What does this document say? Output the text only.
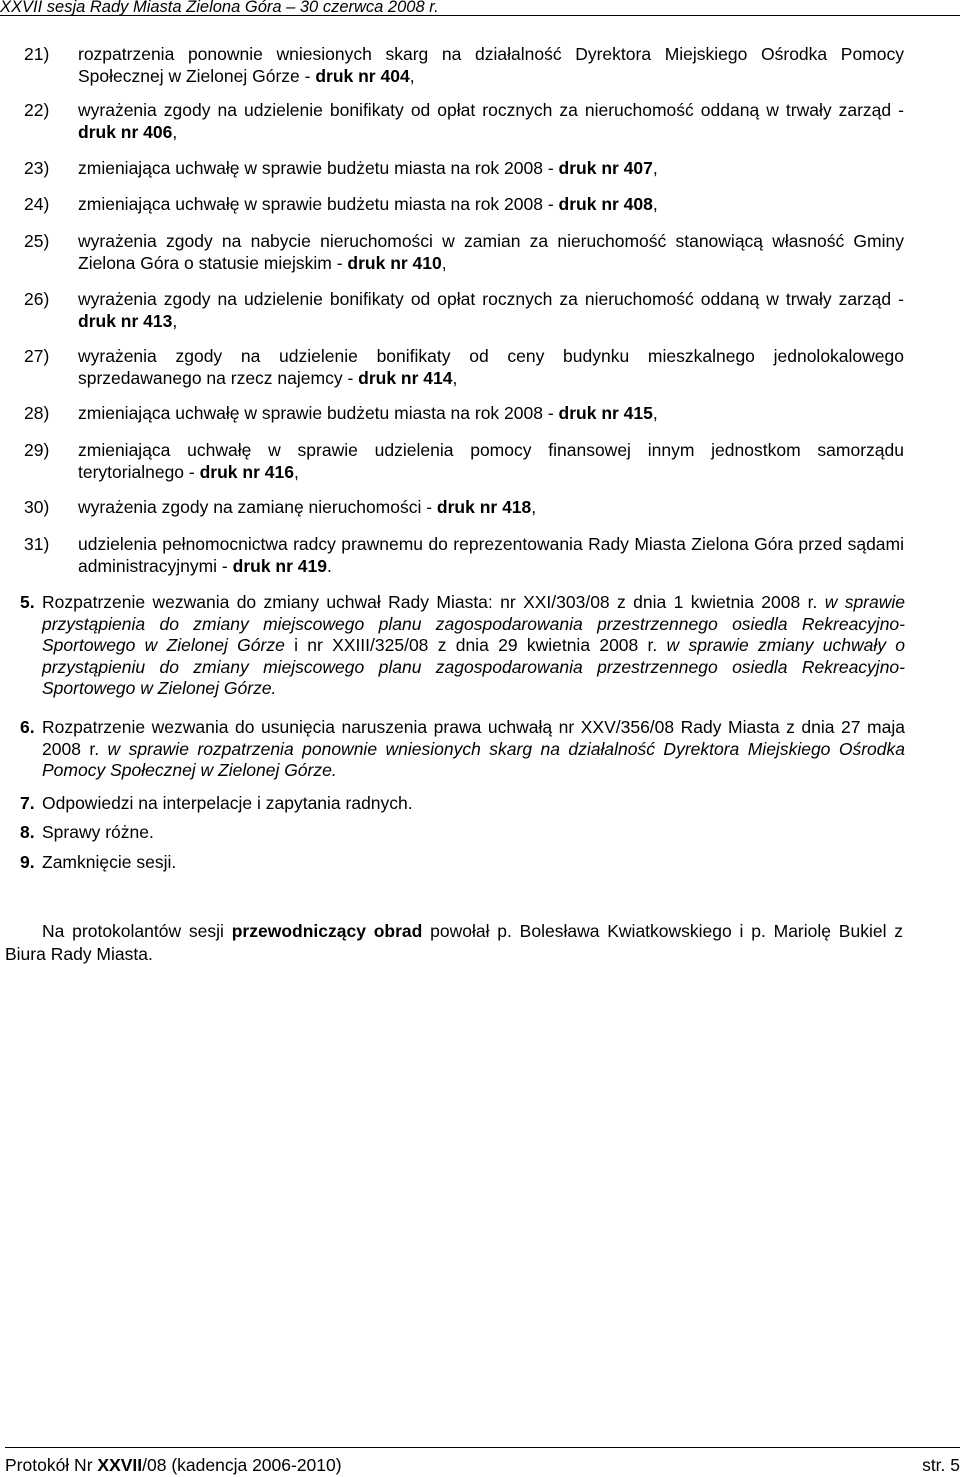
XXVII sesja Rady Miasta Zielona Góra – 30 czerwca 2008 r.
21) rozpatrzenia ponownie wniesionych skarg na działalność Dyrektora Miejskiego Ośrodka Pomocy Społecznej w Zielonej Górze - druk nr 404,
22) wyrażenia zgody na udzielenie bonifikaty od opłat rocznych za nieruchomość oddaną w trwały zarząd - druk nr 406,
23) zmieniająca uchwałę w sprawie budżetu miasta na rok 2008 - druk nr 407,
24) zmieniająca uchwałę w sprawie budżetu miasta na rok 2008 - druk nr 408,
25) wyrażenia zgody na nabycie nieruchomości w zamian za nieruchomość stanowiącą własność Gminy Zielona Góra o statusie miejskim - druk nr 410,
26) wyrażenia zgody na udzielenie bonifikaty od opłat rocznych za nieruchomość oddaną w trwały zarząd - druk nr 413,
27) wyrażenia zgody na udzielenie bonifikaty od ceny budynku mieszkalnego jednolokalowego sprzedawanego na rzecz najemcy - druk nr 414,
28) zmieniająca uchwałę w sprawie budżetu miasta na rok 2008 - druk nr 415,
29) zmieniająca uchwałę w sprawie udzielenia pomocy finansowej innym jednostkom samorządu terytorialnego - druk nr 416,
30) wyrażenia zgody na zamianę nieruchomości - druk nr 418,
31) udzielenia pełnomocnictwa radcy prawnemu do reprezentowania Rady Miasta Zielona Góra przed sądami administracyjnymi - druk nr 419.
5. Rozpatrzenie wezwania do zmiany uchwał Rady Miasta: nr XXI/303/08 z dnia 1 kwietnia 2008 r. w sprawie przystąpienia do zmiany miejscowego planu zagospodarowania przestrzennego osiedla Rekreacyjno-Sportowego w Zielonej Górze i nr XXIII/325/08 z dnia 29 kwietnia 2008 r. w sprawie zmiany uchwały o przystąpieniu do zmiany miejscowego planu zagospodarowania przestrzennego osiedla Rekreacyjno-Sportowego w Zielonej Górze.
6. Rozpatrzenie wezwania do usunięcia naruszenia prawa uchwałą nr XXV/356/08 Rady Miasta z dnia 27 maja 2008 r. w sprawie rozpatrzenia ponownie wniesionych skarg na działalność Dyrektora Miejskiego Ośrodka Pomocy Społecznej w Zielonej Górze.
7. Odpowiedzi na interpelacje i zapytania radnych.
8. Sprawy różne.
9. Zamknięcie sesji.

Na protokolantów sesji przewodniczący obrad powołał p. Bolesława Kwiatkowskiego i p. Mariolę Bukiel z Biura Rady Miasta.

Protokół Nr XXVII/08 (kadencja 2006-2010)	str. 5
